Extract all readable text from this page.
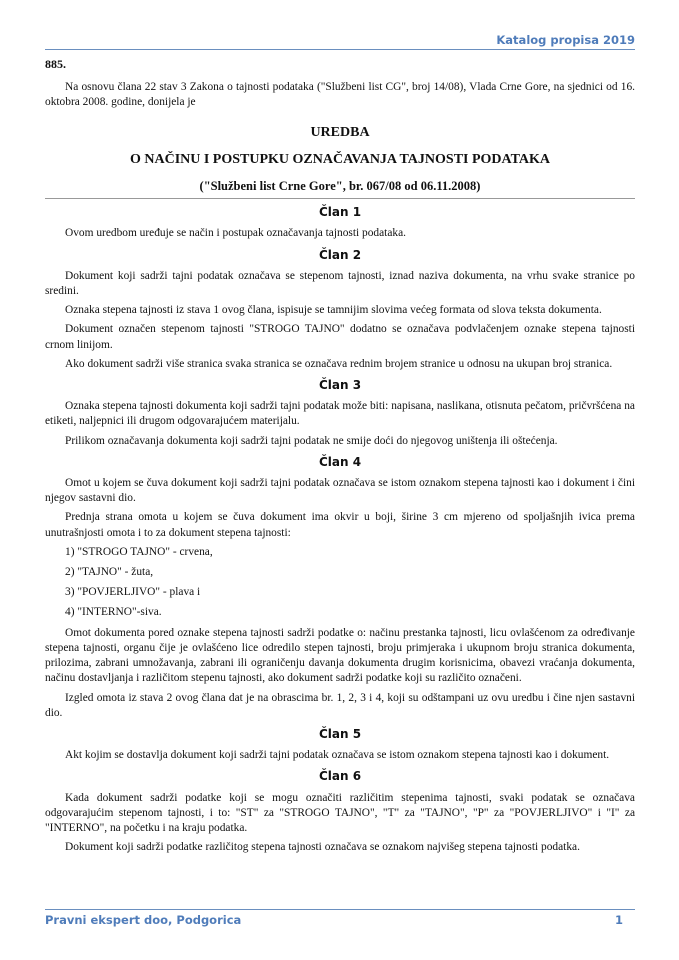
Katalog propisa 2019
885.

Na osnovu člana 22 stav 3 Zakona o tajnosti podataka ("Službeni list CG", broj 14/08), Vlada Crne Gore, na sjednici od 16. oktobra 2008. godine, donijela je

UREDBA
O NAČINU I POSTUPKU OZNAČAVANJA TAJNOSTI PODATAKA
("Službeni list Crne Gore", br. 067/08 od 06.11.2008)
Član 1

Ovom uredbom uređuje se način i postupak označavanja tajnosti podataka.

Član 2

Dokument koji sadrži tajni podatak označava se stepenom tajnosti, iznad naziva dokumenta, na vrhu svake stranice po sredini.

Oznaka stepena tajnosti iz stava 1 ovog člana, ispisuje se tamnijim slovima većeg formata od slova teksta dokumenta.

Dokument označen stepenom tajnosti "STROGO TAJNO" dodatno se označava podvlačenjem oznake stepena tajnosti crnom linijom.

Ako dokument sadrži više stranica svaka stranica se označava rednim brojem stranice u odnosu na ukupan broj stranica.

Član 3

Oznaka stepena tajnosti dokumenta koji sadrži tajni podatak može biti: napisana, naslikana, otisnuta pečatom, pričvršćena na etiketi, naljepnici ili drugom odgovarajućem materijalu.

Prilikom označavanja dokumenta koji sadrži tajni podatak ne smije doći do njegovog uništenja ili oštećenja.

Član 4

Omot u kojem se čuva dokument koji sadrži tajni podatak označava se istom oznakom stepena tajnosti kao i dokument i čini njegov sastavni dio.

Prednja strana omota u kojem se čuva dokument ima okvir u boji, širine 3 cm mjereno od spoljašnjih ivica prema unutrašnjosti omota i to za dokument stepena tajnosti:

1) "STROGO TAJNO" - crvena,

2) "TAJNO" - žuta,

3) "POVJERLJIVO" - plava i

4) "INTERNO"-siva.

Omot dokumenta pored oznake stepena tajnosti sadrži podatke o: načinu prestanka tajnosti, licu ovlašćenom za određivanje stepena tajnosti, organu čije je ovlašćeno lice odredilo stepen tajnosti, broju primjeraka i ukupnom broju stranica dokumenta, prilozima, zabrani umnožavanja, zabrani ili ograničenju davanja dokumenta drugim korisnicima, obavezi vraćanja dokumenta, načinu dostavljanja i različitom stepenu tajnosti, ako dokument sadrži podatke koji su različito označeni.

Izgled omota iz stava 2 ovog člana dat je na obrascima br. 1, 2, 3 i 4, koji su odštampani uz ovu uredbu i čine njen sastavni dio.

Član 5

Akt kojim se dostavlja dokument koji sadrži tajni podatak označava se istom oznakom stepena tajnosti kao i dokument.

Član 6

Kada dokument sadrži podatke koji se mogu označiti različitim stepenima tajnosti, svaki podatak se označava odgovarajućim stepenom tajnosti, i to: "ST" za "STROGO TAJNO", "T" za "TAJNO", "P" za "POVJERLJIVO" i "I" za "INTERNO", na početku i na kraju podatka.

Dokument koji sadrži podatke različitog stepena tajnosti označava se oznakom najvišeg stepena tajnosti podatka.

Pravni ekspert doo, Podgorica	1
